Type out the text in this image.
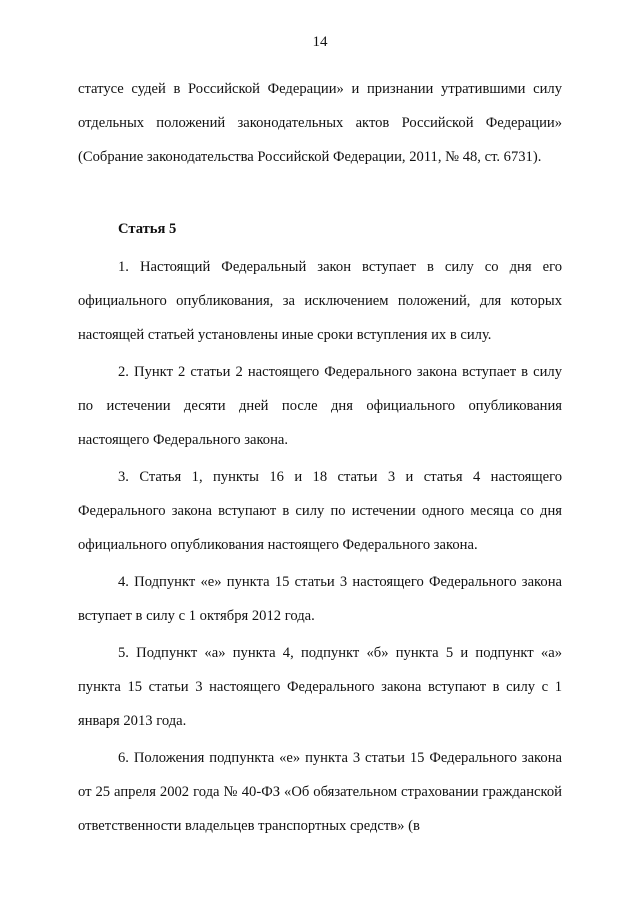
14

статусе судей в Российской Федерации» и признании утратившими силу отдельных положений законодательных актов Российской Федерации» (Собрание законодательства Российской Федерации, 2011, № 48, ст. 6731).

Статья 5

1. Настоящий Федеральный закон вступает в силу со дня его официального опубликования, за исключением положений, для которых настоящей статьей установлены иные сроки вступления их в силу.

2. Пункт 2 статьи 2 настоящего Федерального закона вступает в силу по истечении десяти дней после дня официального опубликования настоящего Федерального закона.

3. Статья 1, пункты 16 и 18 статьи 3 и статья 4 настоящего Федерального закона вступают в силу по истечении одного месяца со дня официального опубликования настоящего Федерального закона.

4. Подпункт «е» пункта 15 статьи 3 настоящего Федерального закона вступает в силу с 1 октября 2012 года.

5. Подпункт «а» пункта 4, подпункт «б» пункта 5 и подпункт «а» пункта 15 статьи 3 настоящего Федерального закона вступают в силу с 1 января 2013 года.

6. Положения подпункта «е» пункта 3 статьи 15 Федерального закона от 25 апреля 2002 года № 40-ФЗ «Об обязательном страховании гражданской ответственности владельцев транспортных средств» (в
